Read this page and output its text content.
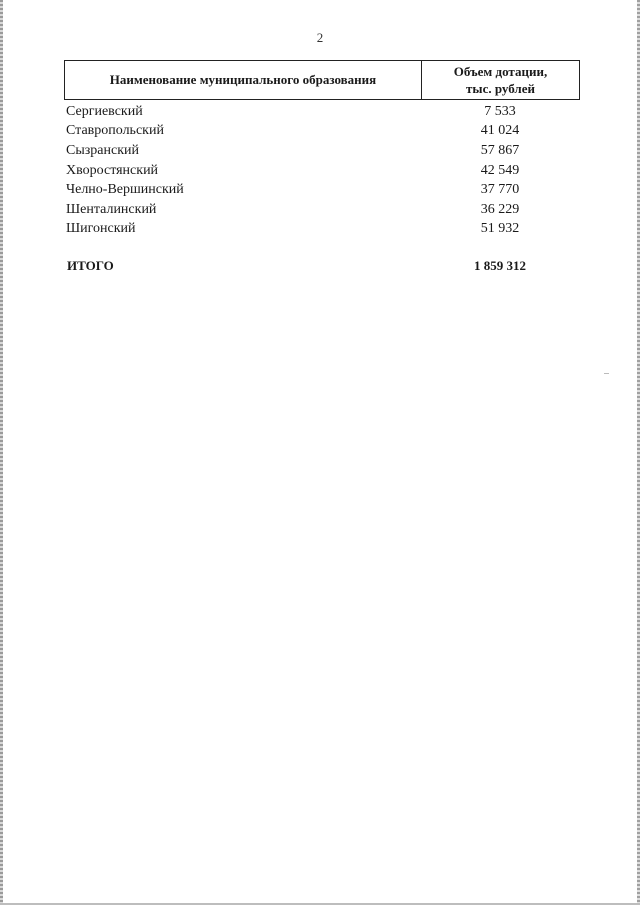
2
Наименование муниципального образования
Объем дотации,
тыс. рублей
Сергиевский	7 533
Ставропольский	41 024
Сызранский	57 867
Хворостянский	42 549
Челно-Вершинский	37 770
Шенталинский	36 229
Шигонский	51 932
ИТОГО	1 859 312
